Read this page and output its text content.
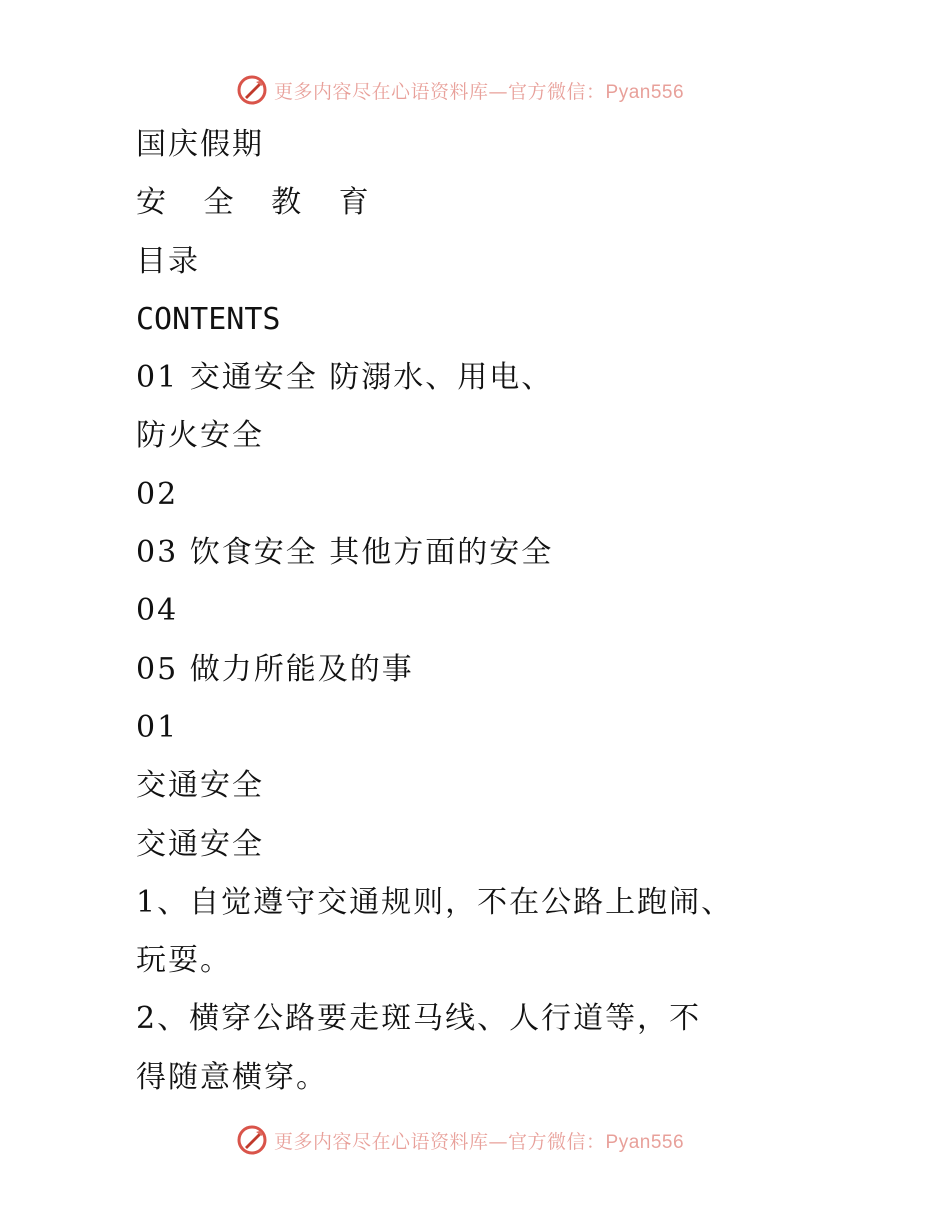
更多内容尽在心语资料库—官方微信：Pyan556
国庆假期
安 全 教 育
目录
CONTENTS
01 交通安全 防溺水、用电、
防火安全
02
03 饮食安全 其他方面的安全
04
05 做力所能及的事
01
交通安全
交通安全
1、自觉遵守交通规则，不在公路上跑闹、
玩耍。
2、横穿公路要走斑马线、人行道等，不
得随意横穿。
更多内容尽在心语资料库—官方微信：Pyan556
